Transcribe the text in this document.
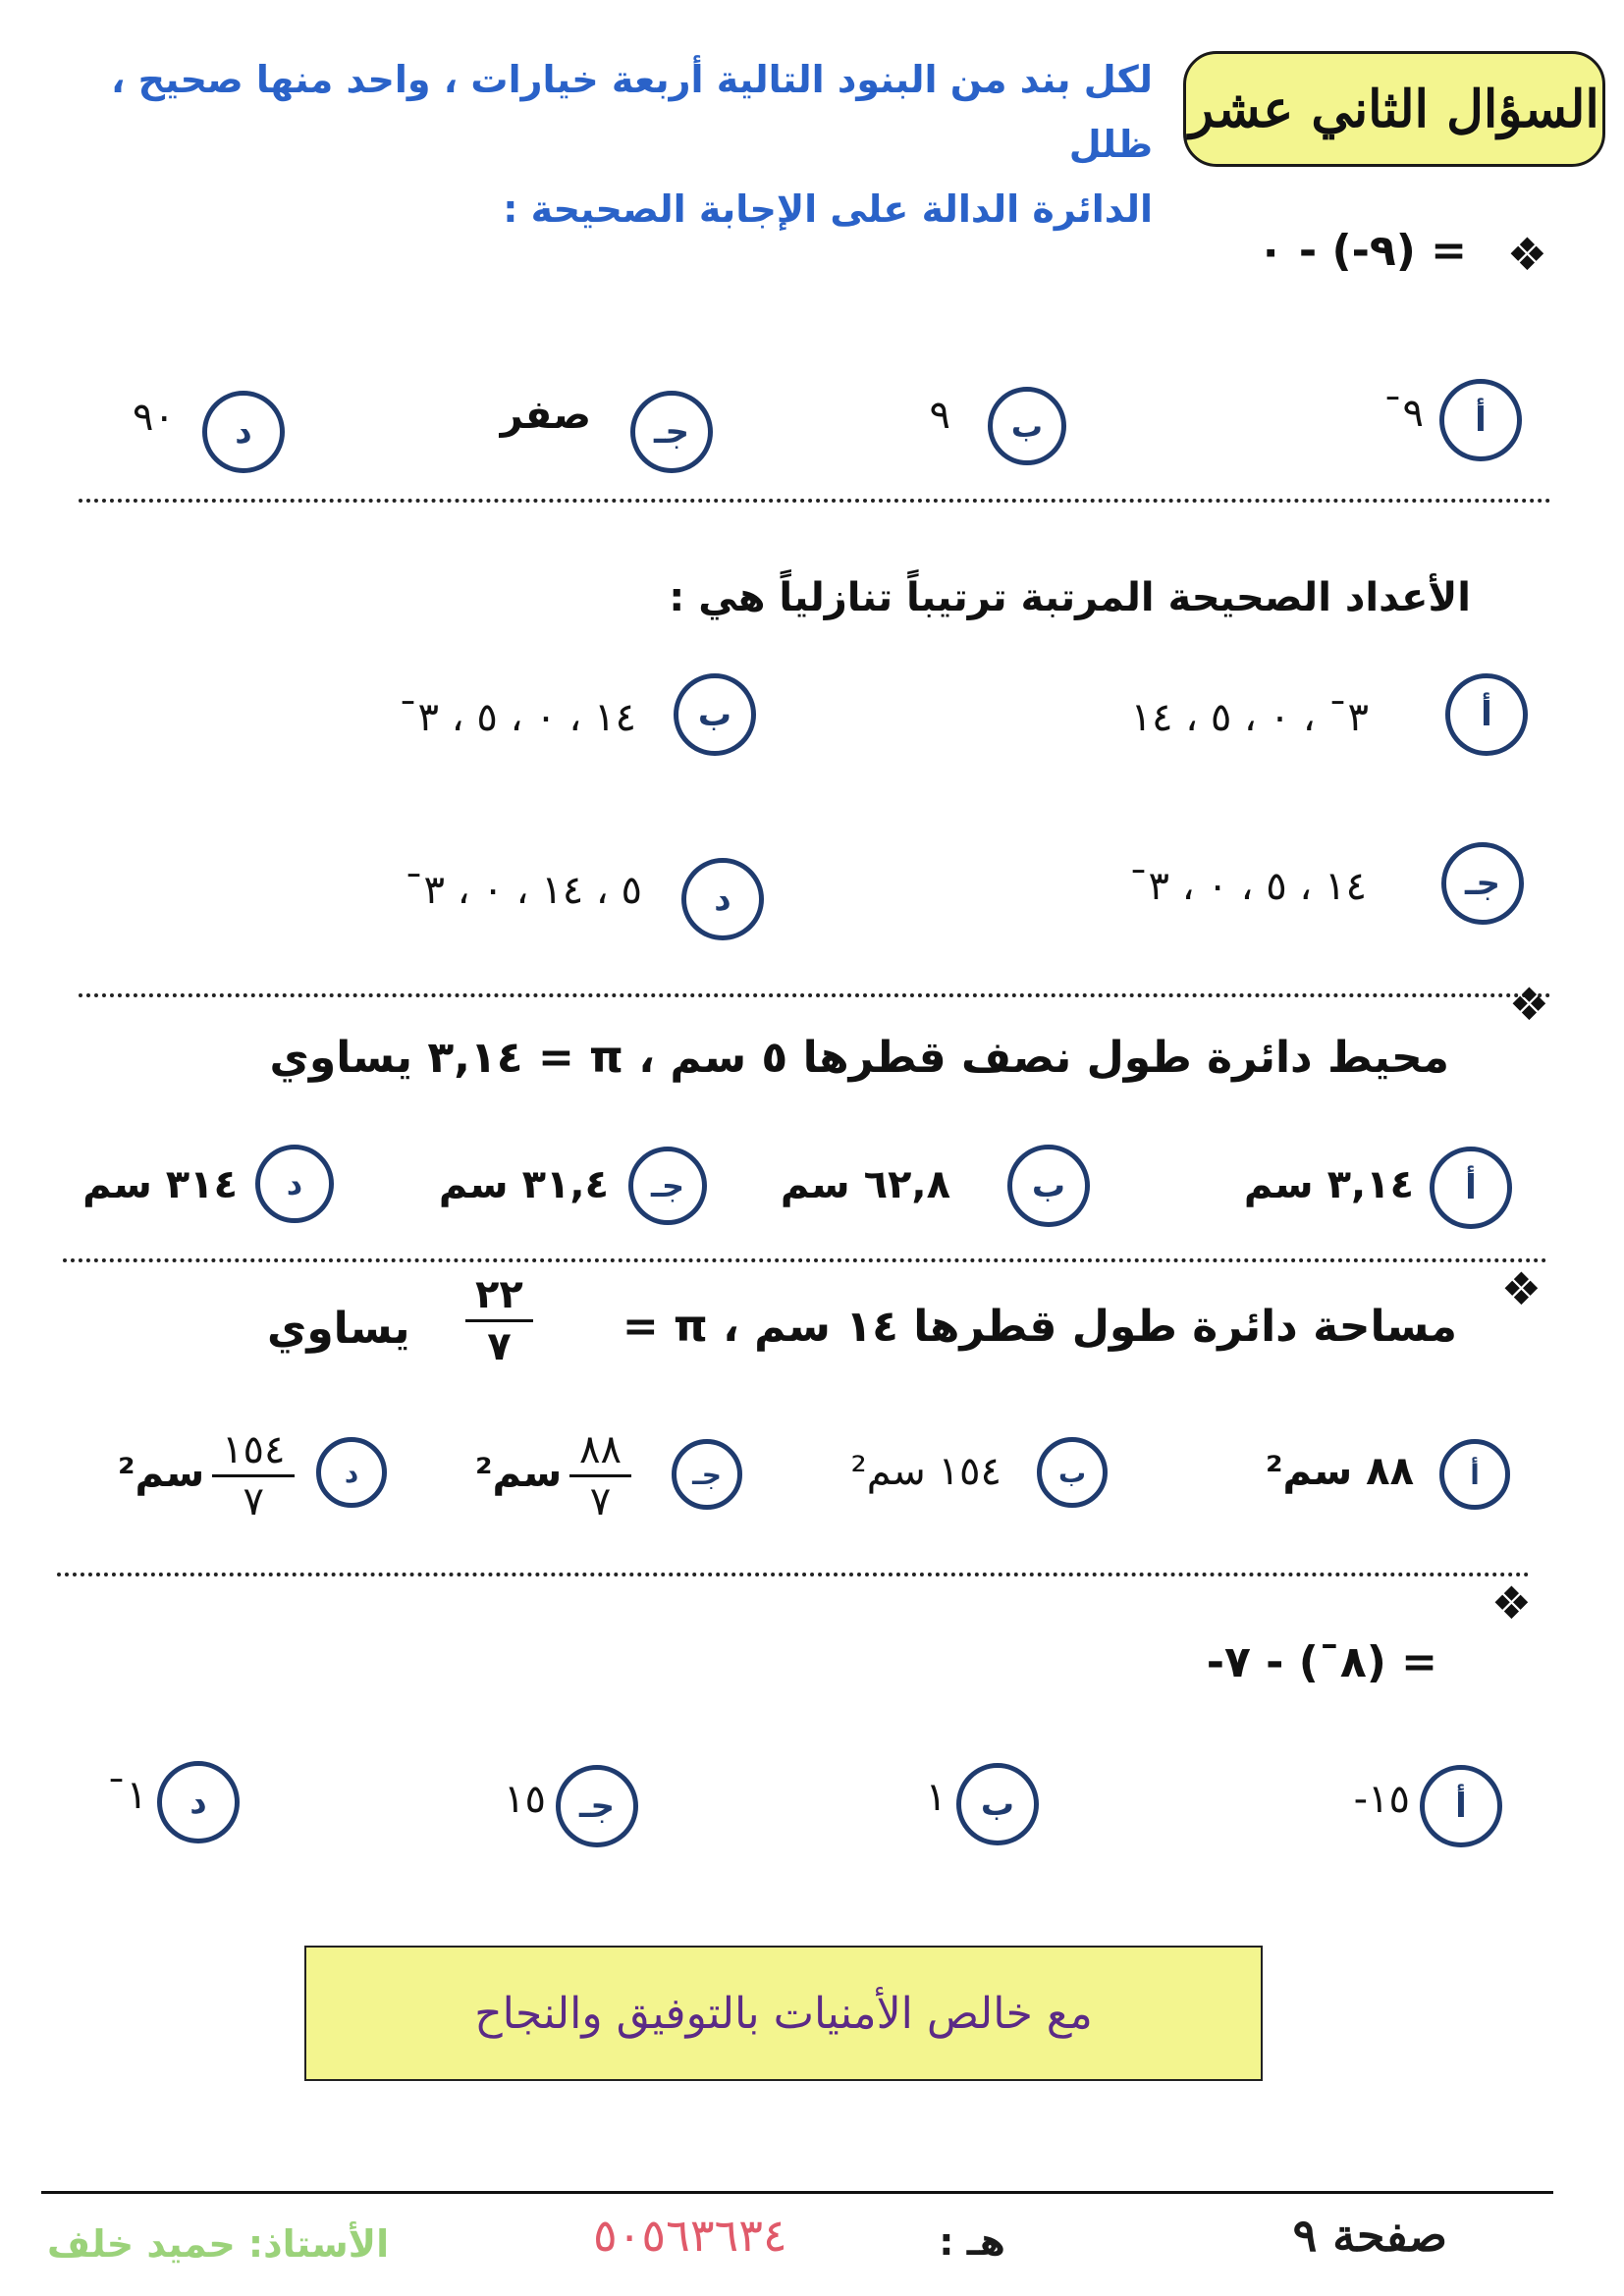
السؤال الثاني عشر
لكل بند من البنود التالية أربعة خيارات ، واحد منها صحيح ، ظلل
الدائرة الدالة على الإجابة الصحيحة :
❖
= (٩-) - ٠
أ
٩¯
ب
٩
جـ
صفر
د
٩٠
الأعداد الصحيحة المرتبة ترتيباً تنازلياً هي :
أ
٣¯ ، ٠ ، ٥ ، ١٤
ب
١٤ ، ٠ ، ٥ ، ٣¯
جـ
١٤ ، ٥ ، ٠ ، ٣¯
د
٥ ، ١٤ ، ٠ ، ٣¯
❖
محيط دائرة طول نصف قطرها ٥ سم ، π = ٣,١٤ يساوي
أ
٣,١٤ سم
ب
٦٢,٨ سم
جـ
٣١,٤ سم
د
٣١٤ سم
❖
مساحة دائرة طول قطرها ١٤ سم ، π =
$\frac{٢٢}{٧}$
يساوي
أ
٨٨ سم²
ب
١٥٤ سم²
جـ
$\frac{٨٨}{٧}$
سم²
د
$\frac{١٥٤}{٧}$
سم²
❖
= (٨¯) - ٧-
أ
١٥-
ب
١
جـ
١٥
د
١¯
مع خالص الأمنيات بالتوفيق والنجاح
صفحة ٩
هـ :
٥٠٥٦٣٦٣٤
الأستاذ: حميد خلف
